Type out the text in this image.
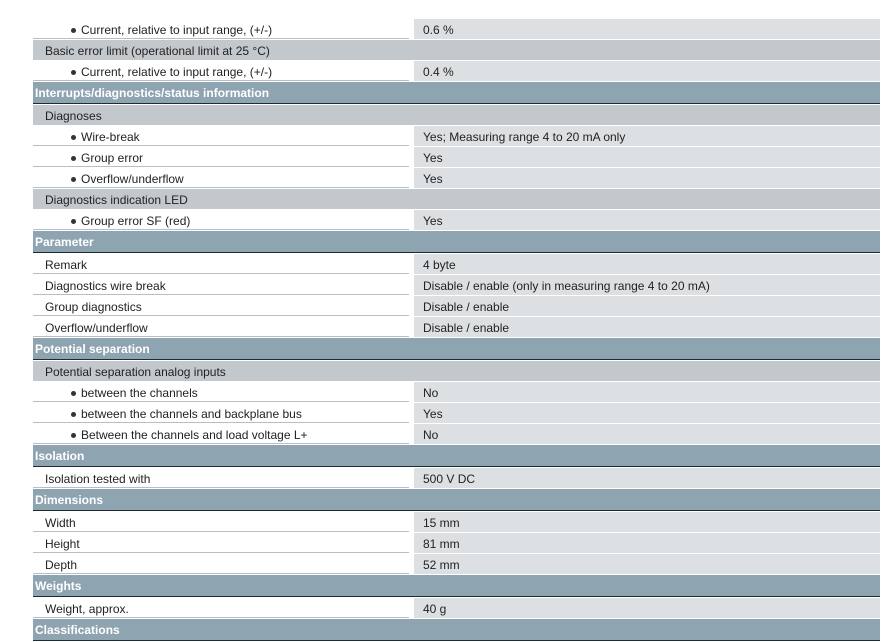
Current, relative to input range, (+/-)	0.6 %
Basic error limit (operational limit at 25 °C)
Current, relative to input range, (+/-)	0.4 %
Interrupts/diagnostics/status information
Diagnoses
Wire-break	Yes; Measuring range 4 to 20 mA only
Group error	Yes
Overflow/underflow	Yes
Diagnostics indication LED
Group error SF (red)	Yes
Parameter
Remark	4 byte
Diagnostics wire break	Disable / enable (only in measuring range 4 to 20 mA)
Group diagnostics	Disable / enable
Overflow/underflow	Disable / enable
Potential separation
Potential separation analog inputs
between the channels	No
between the channels and backplane bus	Yes
Between the channels and load voltage L+	No
Isolation
Isolation tested with	500 V DC
Dimensions
Width	15 mm
Height	81 mm
Depth	52 mm
Weights
Weight, approx.	40 g
Classifications
